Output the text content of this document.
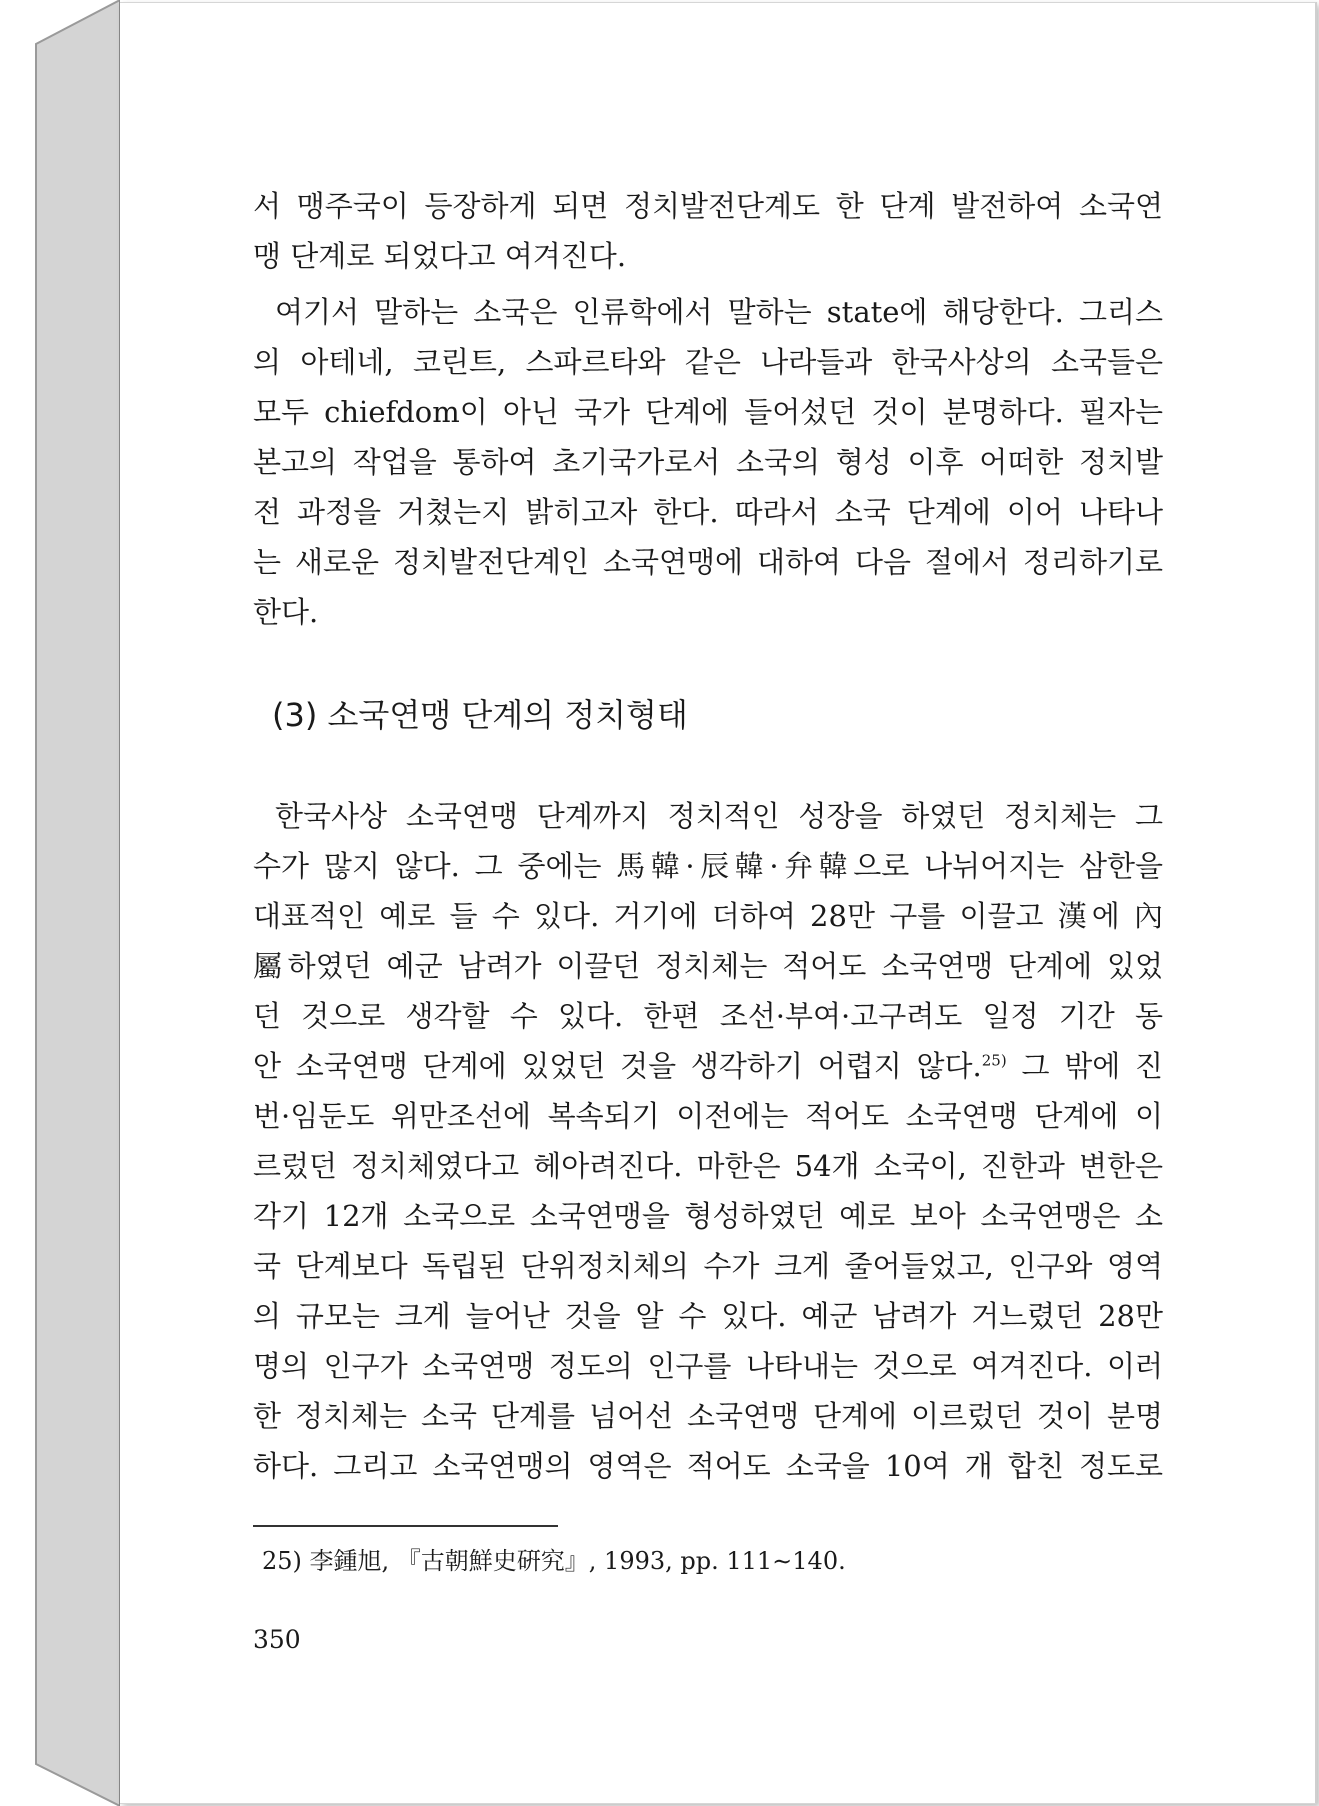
서 맹주국이 등장하게 되면 정치발전단계도 한 단계 발전하여 소국연
맹 단계로 되었다고 여겨진다.
여기서 말하는 소국은 인류학에서 말하는 state에 해당한다. 그리스
의 아테네, 코린트, 스파르타와 같은 나라들과 한국사상의 소국들은
모두 chiefdom이 아닌 국가 단계에 들어섰던 것이 분명하다. 필자는
본고의 작업을 통하여 초기국가로서 소국의 형성 이후 어떠한 정치발
전 과정을 거쳤는지 밝히고자 한다. 따라서 소국 단계에 이어 나타나
는 새로운 정치발전단계인 소국연맹에 대하여 다음 절에서 정리하기로
한다.
(3) 소국연맹 단계의 정치형태
한국사상 소국연맹 단계까지 정치적인 성장을 하였던 정치체는 그
수가 많지 않다. 그 중에는 馬韓·辰韓·弁韓으로 나뉘어지는 삼한을
대표적인 예로 들 수 있다. 거기에 더하여 28만 구를 이끌고 漢에 內
屬하였던 예군 남려가 이끌던 정치체는 적어도 소국연맹 단계에 있었
던 것으로 생각할 수 있다. 한편 조선·부여·고구려도 일정 기간 동
안 소국연맹 단계에 있었던 것을 생각하기 어렵지 않다.$^{25)}$ 그 밖에 진
번·임둔도 위만조선에 복속되기 이전에는 적어도 소국연맹 단계에 이
르렀던 정치체였다고 헤아려진다. 마한은 54개 소국이, 진한과 변한은
각기 12개 소국으로 소국연맹을 형성하였던 예로 보아 소국연맹은 소
국 단계보다 독립된 단위정치체의 수가 크게 줄어들었고, 인구와 영역
의 규모는 크게 늘어난 것을 알 수 있다. 예군 남려가 거느렸던 28만
명의 인구가 소국연맹 정도의 인구를 나타내는 것으로 여겨진다. 이러
한 정치체는 소국 단계를 넘어선 소국연맹 단계에 이르렀던 것이 분명
하다. 그리고 소국연맹의 영역은 적어도 소국을 10여 개 합친 정도로
25) 李鍾旭, 『古朝鮮史硏究』, 1993, pp. 111∼140.
350
